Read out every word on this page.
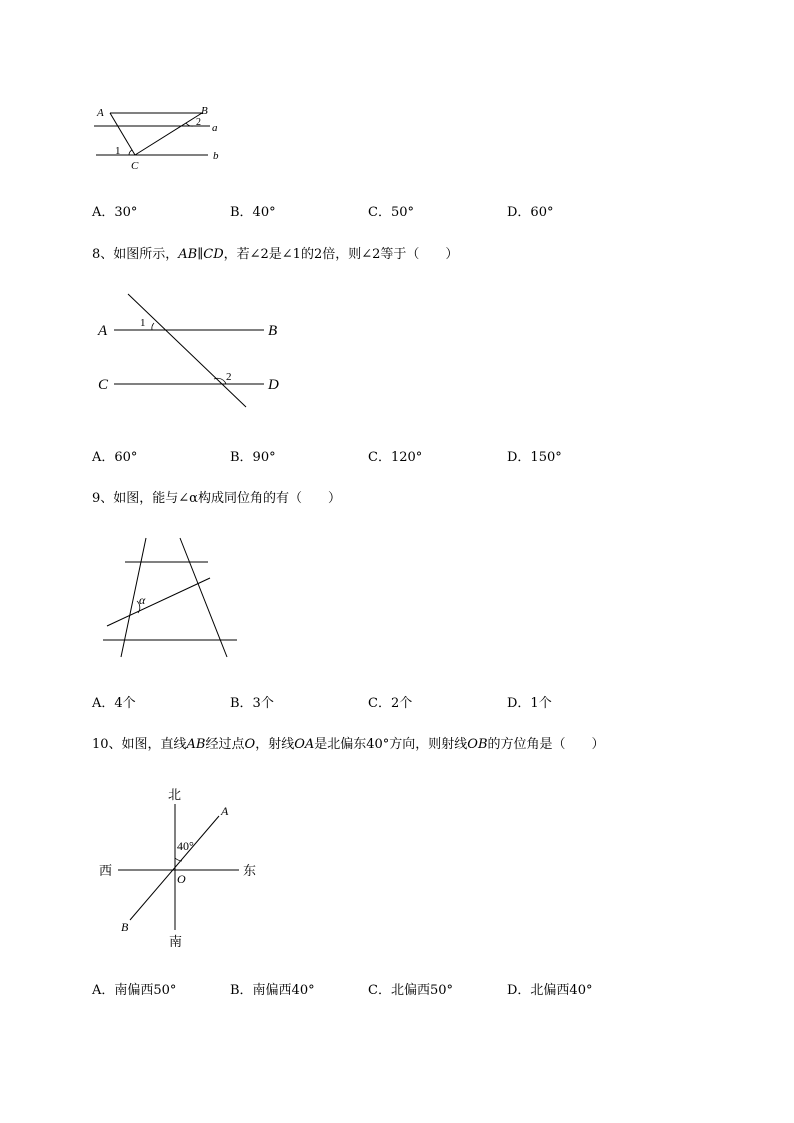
A	B
C
a
b
1
2
A．30°	B．40°	C．50°	D．60°
8、如图所示，AB∥CD，若∠2是∠1的2倍，则∠2等于（　　）
A	B
C	D
1
2
A．60°	B．90°	C．120°	D．150°
9、如图，能与∠α构成同位角的有（　　）
α
A．4个	B．3个	C．2个	D．1个
10、如图，直线AB经过点O，射线OA是北偏东40°方向，则射线OB的方位角是（　　）
北
南
东
西
A
B
O
40°
A．南偏西50°	B．南偏西40°	C．北偏西50°	D．北偏西40°
